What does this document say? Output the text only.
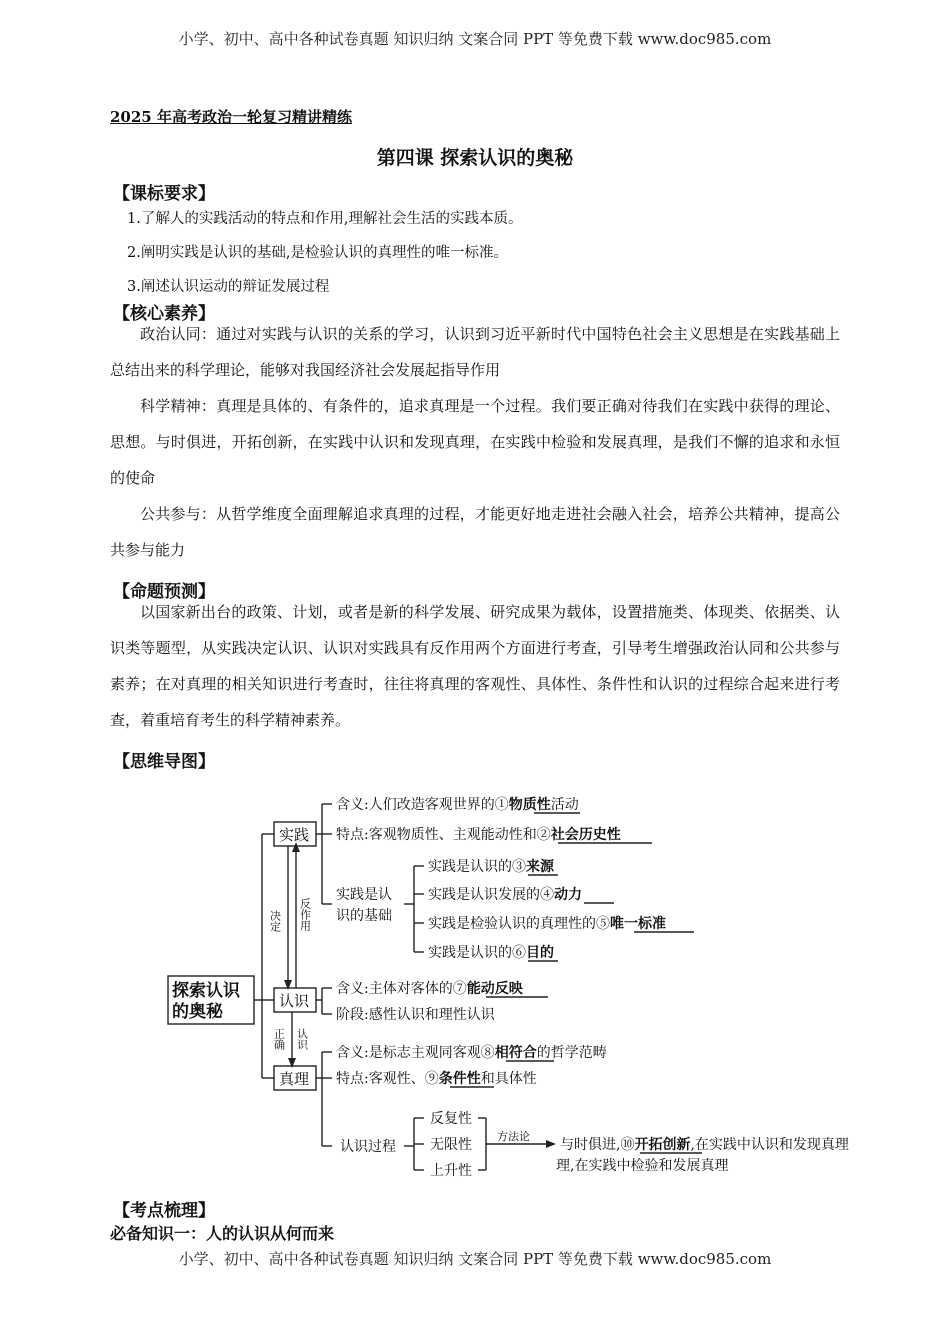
小学、初中、高中各种试卷真题 知识归纳 文案合同 PPT 等免费下载 www.doc985.com
2025 年高考政治一轮复习精讲精练
第四课 探索认识的奥秘
【课标要求】
1.了解人的实践活动的特点和作用,理解社会生活的实践本质。
2.阐明实践是认识的基础,是检验认识的真理性的唯一标准。
3.阐述认识运动的辩证发展过程
【核心素养】
政治认同：通过对实践与认识的关系的学习，认识到习近平新时代中国特色社会主义思想是在实践基础上总结出来的科学理论，能够对我国经济社会发展起指导作用
科学精神：真理是具体的、有条件的，追求真理是一个过程。我们要正确对待我们在实践中获得的理论、思想。与时俱进，开拓创新，在实践中认识和发现真理，在实践中检验和发展真理，是我们不懈的追求和永恒的使命
公共参与：从哲学维度全面理解追求真理的过程，才能更好地走进社会融入社会，培养公共精神，提高公共参与能力
【命题预测】
以国家新出台的政策、计划，或者是新的科学发展、研究成果为载体，设置措施类、体现类、依据类、认识类等题型，从实践决定认识、认识对实践具有反作用两个方面进行考查，引导考生增强政治认同和公共参与素养；在对真理的相关知识进行考查时，往往将真理的客观性、具体性、条件性和认识的过程综合起来进行考查，着重培育考生的科学精神素养。
【思维导图】
探索认识
的奥秘
实践
认识
真理
决定 反作用
正确 认识
含义:人们改造客观世界的①物质性活动
特点:客观物质性、主观能动性和②社会历史性
实践是认
识的基础
实践是认识的③来源
实践是认识发展的④动力
实践是检验认识的真理性的⑤唯一标准
实践是认识的⑥目的
含义:主体对客体的⑦能动反映
阶段:感性认识和理性认识
含义:是标志主观同客观⑧相符合的哲学范畴
特点:客观性、⑨条件性和具体性
认识过程
反复性
无限性
上升性
方法论
与时俱进,⑩开拓创新,在实践中认识和发现真理
理,在实践中检验和发展真理
【考点梳理】
必备知识一：人的认识从何而来
小学、初中、高中各种试卷真题 知识归纳 文案合同 PPT 等免费下载 www.doc985.com
